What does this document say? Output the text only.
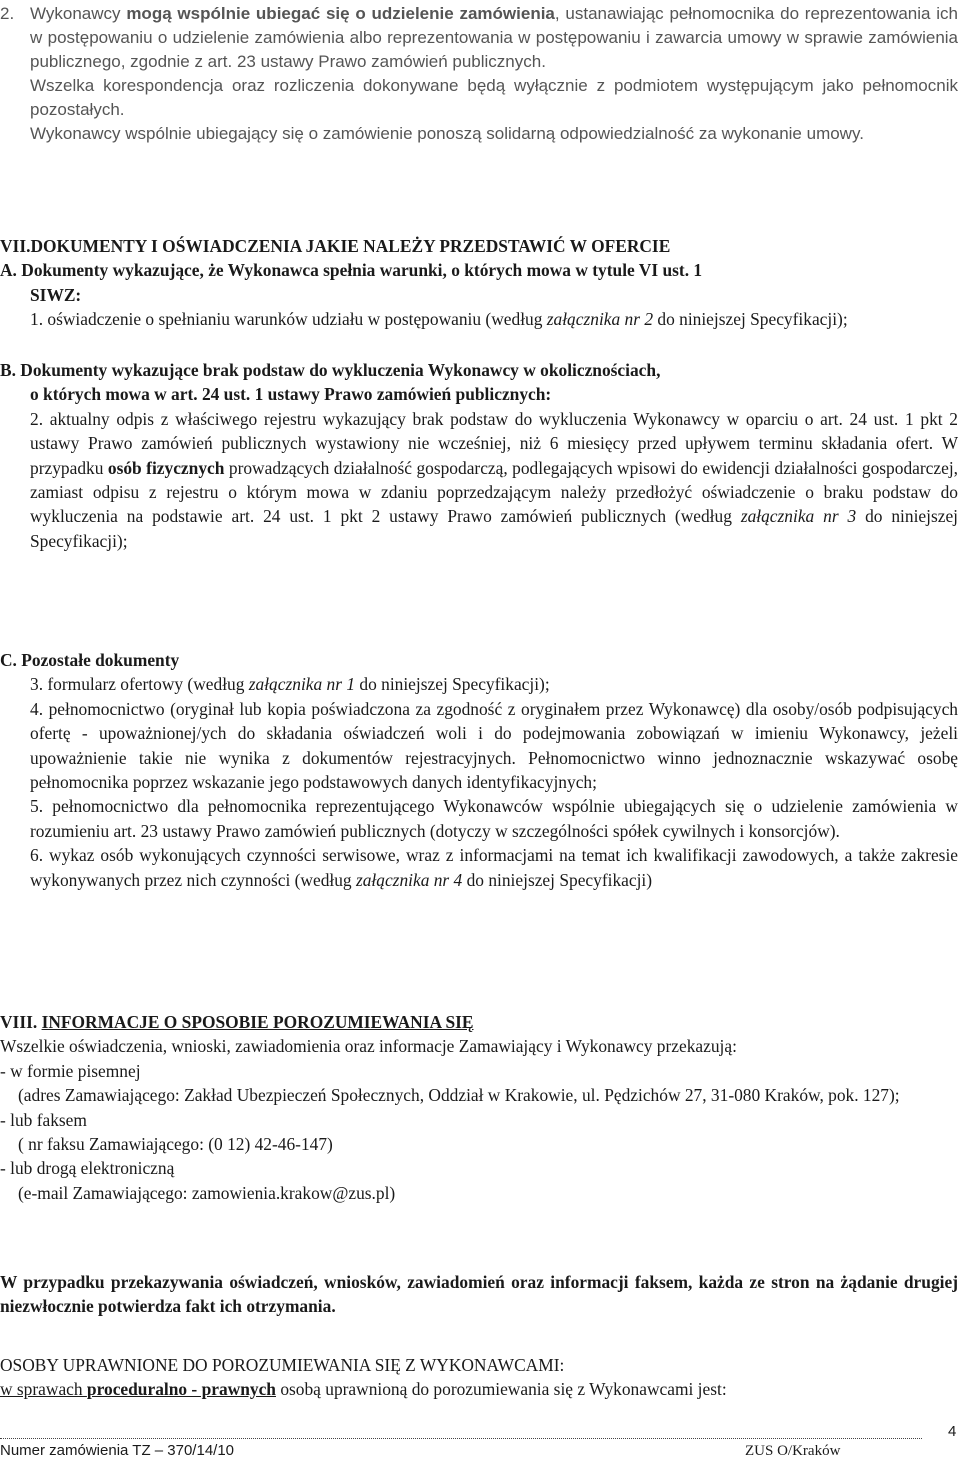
2. Wykonawcy mogą wspólnie ubiegać się o udzielenie zamówienia, ustanawiając pełnomocnika do reprezentowania ich w postępowaniu o udzielenie zamówienia albo reprezentowania w postępowaniu i zawarcia umowy w sprawie zamówienia publicznego, zgodnie z art. 23 ustawy Prawo zamówień publicznych.

Wszelka korespondencja oraz rozliczenia dokonywane będą wyłącznie z podmiotem występującym jako pełnomocnik pozostałych.

Wykonawcy wspólnie ubiegający się o zamówienie ponoszą solidarną odpowiedzialność za wykonanie umowy.

VII.DOKUMENTY I OŚWIADCZENIA JAKIE NALEŻY PRZEDSTAWIĆ W OFERCIE

A. Dokumenty wykazujące, że Wykonawca spełnia warunki, o których mowa w tytule VI ust. 1

SIWZ:

1. oświadczenie o spełnianiu warunków udziału w postępowaniu (według załącznika nr 2 do niniejszej Specyfikacji);

B. Dokumenty wykazujące brak podstaw do wykluczenia Wykonawcy w okolicznościach,

o których mowa w art. 24 ust. 1 ustawy Prawo zamówień publicznych:

2. aktualny odpis z właściwego rejestru wykazujący brak podstaw do wykluczenia Wykonawcy w oparciu o art. 24 ust. 1 pkt 2 ustawy Prawo zamówień publicznych wystawiony nie wcześniej, niż 6 miesięcy przed upływem terminu składania ofert. W przypadku osób fizycznych prowadzących działalność gospodarczą, podlegających wpisowi do ewidencji działalności gospodarczej, zamiast odpisu z rejestru o którym mowa w zdaniu poprzedzającym należy przedłożyć oświadczenie o braku podstaw do wykluczenia na podstawie art. 24 ust. 1 pkt 2 ustawy Prawo zamówień publicznych (według załącznika nr 3 do niniejszej Specyfikacji);

C. Pozostałe dokumenty

3. formularz ofertowy (według załącznika nr 1 do niniejszej Specyfikacji);

4. pełnomocnictwo (oryginał lub kopia poświadczona za zgodność z oryginałem przez Wykonawcę) dla osoby/osób podpisujących ofertę - upoważnionej/ych do składania oświadczeń woli i do podejmowania zobowiązań w imieniu Wykonawcy, jeżeli upoważnienie takie nie wynika z dokumentów rejestracyjnych. Pełnomocnictwo winno jednoznacznie wskazywać osobę pełnomocnika poprzez wskazanie jego podstawowych danych identyfikacyjnych;

5. pełnomocnictwo dla pełnomocnika reprezentującego Wykonawców wspólnie ubiegających się o udzielenie zamówienia w rozumieniu art. 23 ustawy Prawo zamówień publicznych (dotyczy w szczególności spółek cywilnych i konsorcjów).

6. wykaz osób wykonujących czynności serwisowe, wraz z informacjami na temat ich kwalifikacji zawodowych, a także zakresie wykonywanych przez nich czynności (według załącznika nr 4 do niniejszej Specyfikacji)

VIII. INFORMACJE O SPOSOBIE POROZUMIEWANIA SIĘ

Wszelkie oświadczenia, wnioski, zawiadomienia oraz informacje Zamawiający i Wykonawcy przekazują:

- w formie pisemnej

(adres Zamawiającego: Zakład Ubezpieczeń Społecznych, Oddział w Krakowie, ul. Pędzichów 27, 31-080 Kraków, pok. 127);

- lub faksem

( nr faksu Zamawiającego: (0 12) 42-46-147)

- lub drogą elektroniczną

(e-mail Zamawiającego: zamowienia.krakow@zus.pl)

W przypadku przekazywania oświadczeń, wniosków, zawiadomień oraz informacji faksem, każda ze stron na żądanie drugiej niezwłocznie potwierdza fakt ich otrzymania.

OSOBY UPRAWNIONE DO POROZUMIEWANIA SIĘ Z WYKONAWCAMI:

w sprawach proceduralno - prawnych osobą uprawnioną do porozumiewania się z Wykonawcami jest:

4
Numer zamówienia TZ – 370/14/10	ZUS O/Kraków
